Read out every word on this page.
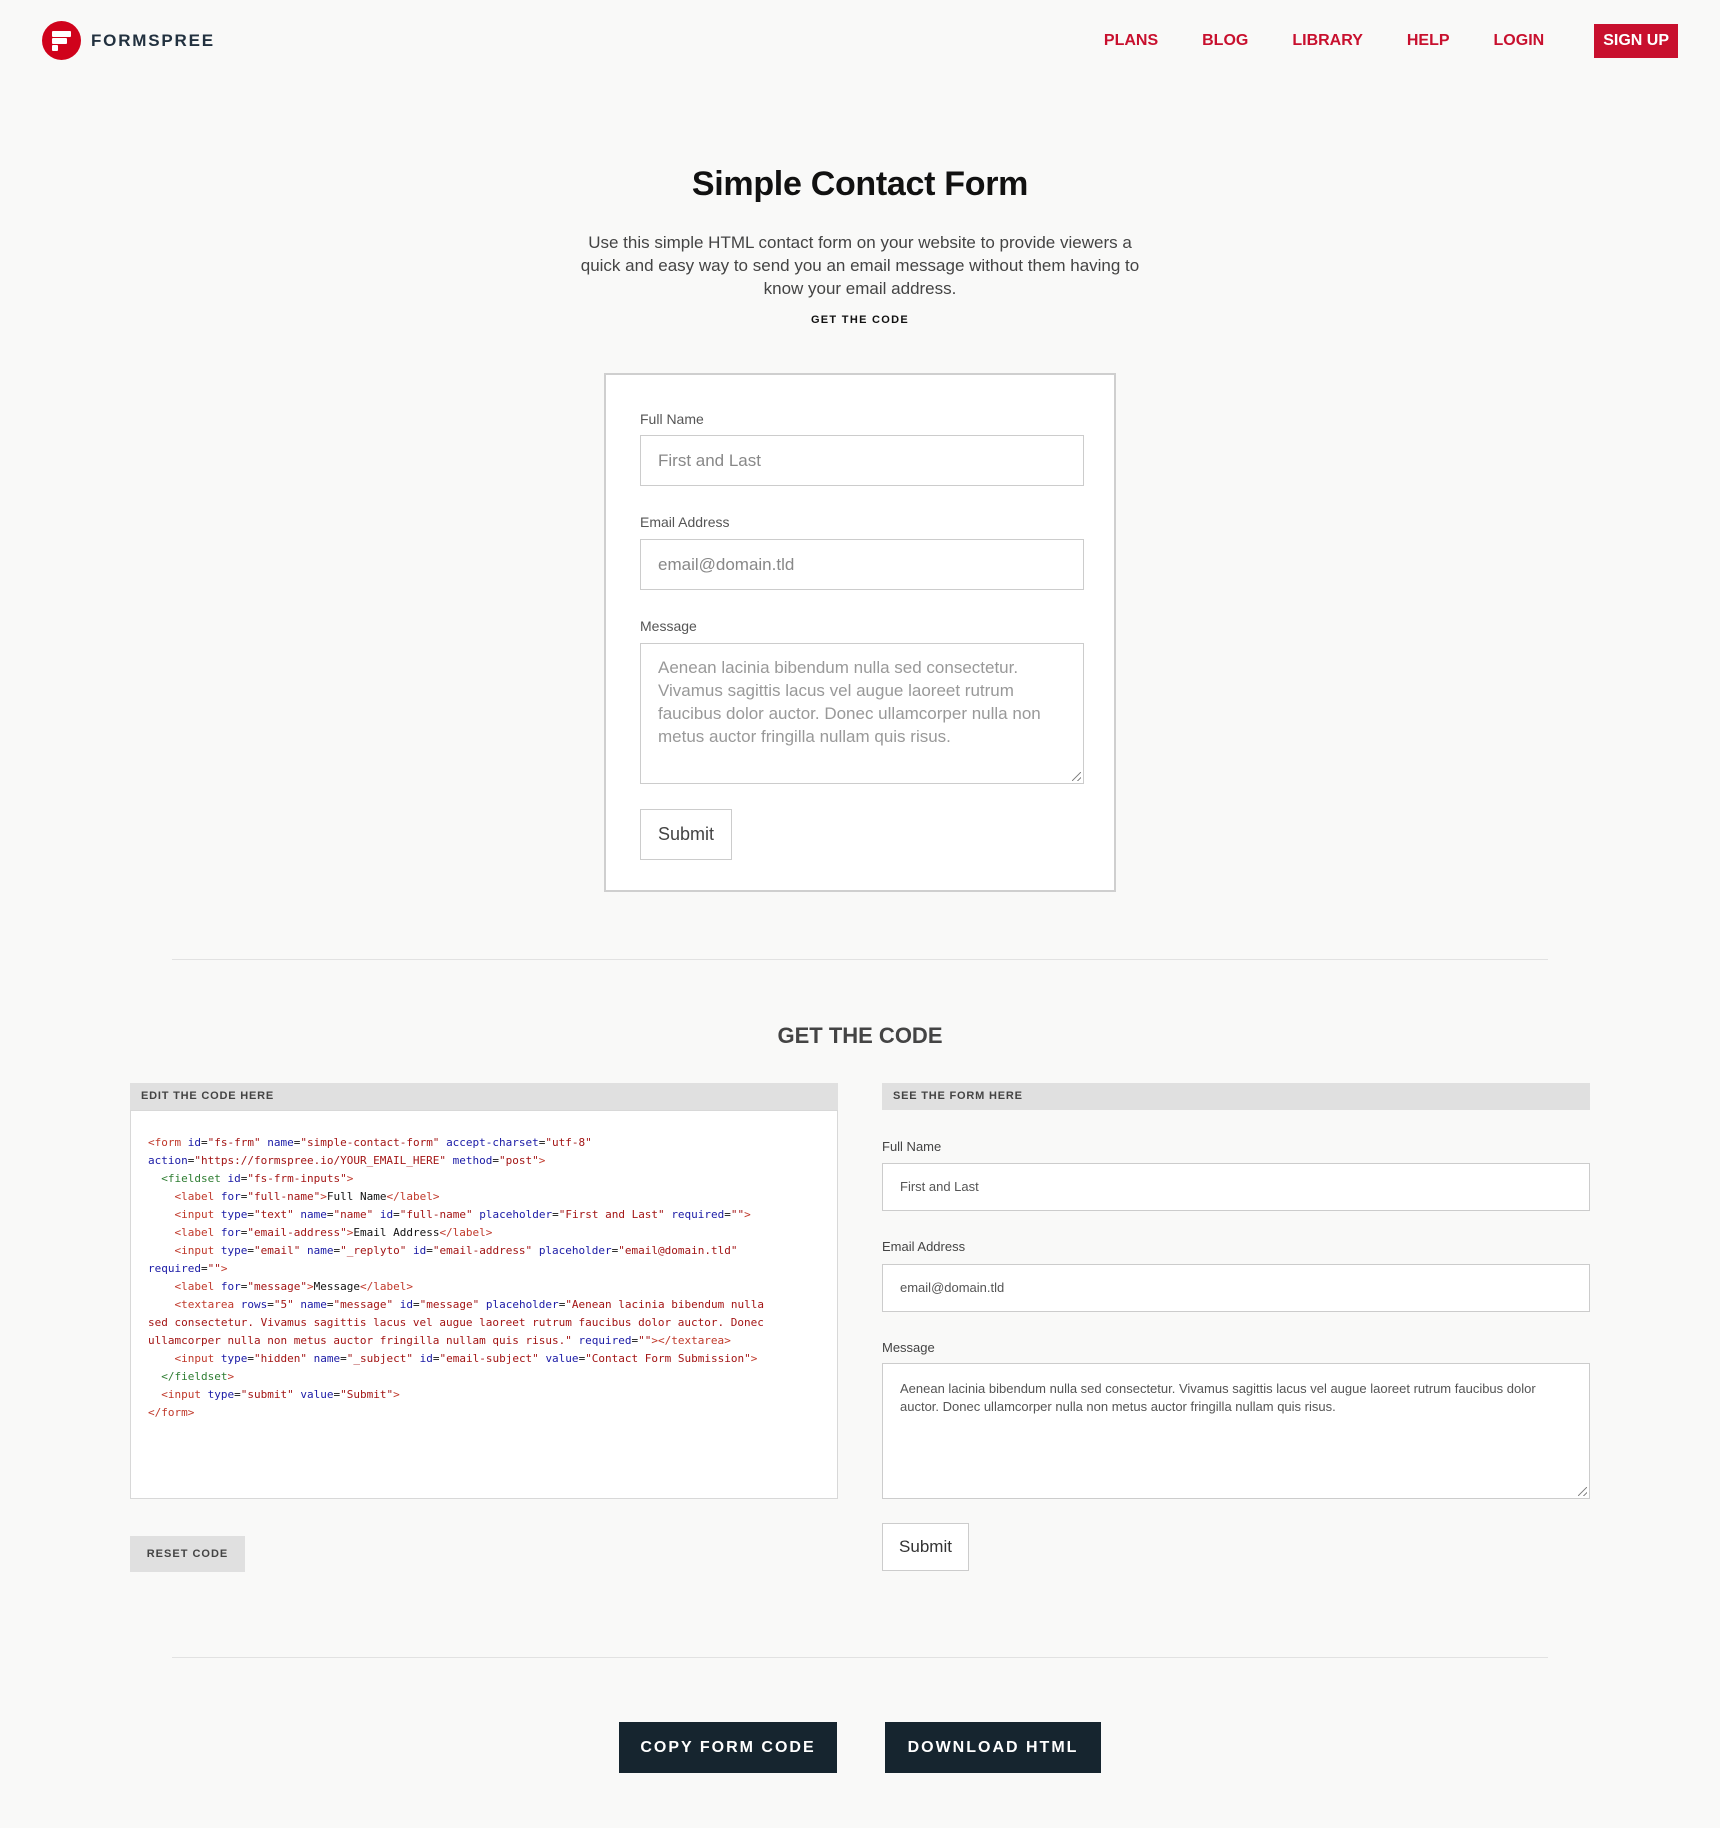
FORMSPREE	PLANS	BLOG	LIBRARY	HELP	LOGIN	SIGN UP
Simple Contact Form

Use this simple HTML contact form on your website to provide viewers a quick and easy way to send you an email message without them having to know your email address.

GET THE CODE
Full Name
First and Last
Email Address
email@domain.tld
Message
Aenean lacinia bibendum nulla sed consectetur. Vivamus sagittis lacus vel augue laoreet rutrum faucibus dolor auctor. Donec ullamcorper nulla non metus auctor fringilla nullam quis risus.
Submit
GET THE CODE
EDIT THE CODE HERE
<form id="fs-frm" name="simple-contact-form" accept-charset="utf-8"
action="https://formspree.io/YOUR_EMAIL_HERE" method="post">
<fieldset id="fs-frm-inputs">
<label for="full-name">Full Name</label>
<input type="text" name="name" id="full-name" placeholder="First and Last" required="">
<label for="email-address">Email Address</label>
<input type="email" name="_replyto" id="email-address" placeholder="email@domain.tld"
required="">
<label for="message">Message</label>
<textarea rows="5" name="message" id="message" placeholder="Aenean lacinia bibendum nulla
sed consectetur. Vivamus sagittis lacus vel augue laoreet rutrum faucibus dolor auctor. Donec
ullamcorper nulla non metus auctor fringilla nullam quis risus." required=""></textarea>
<input type="hidden" name="_subject" id="email-subject" value="Contact Form Submission">
</fieldset>
<input type="submit" value="Submit">
</form>
RESET CODE
SEE THE FORM HERE
Full Name
First and Last
Email Address
email@domain.tld
Message
Aenean lacinia bibendum nulla sed consectetur. Vivamus sagittis lacus vel augue laoreet rutrum faucibus dolor auctor. Donec ullamcorper nulla non metus auctor fringilla nullam quis risus.
Submit
COPY FORM CODE	DOWNLOAD HTML
